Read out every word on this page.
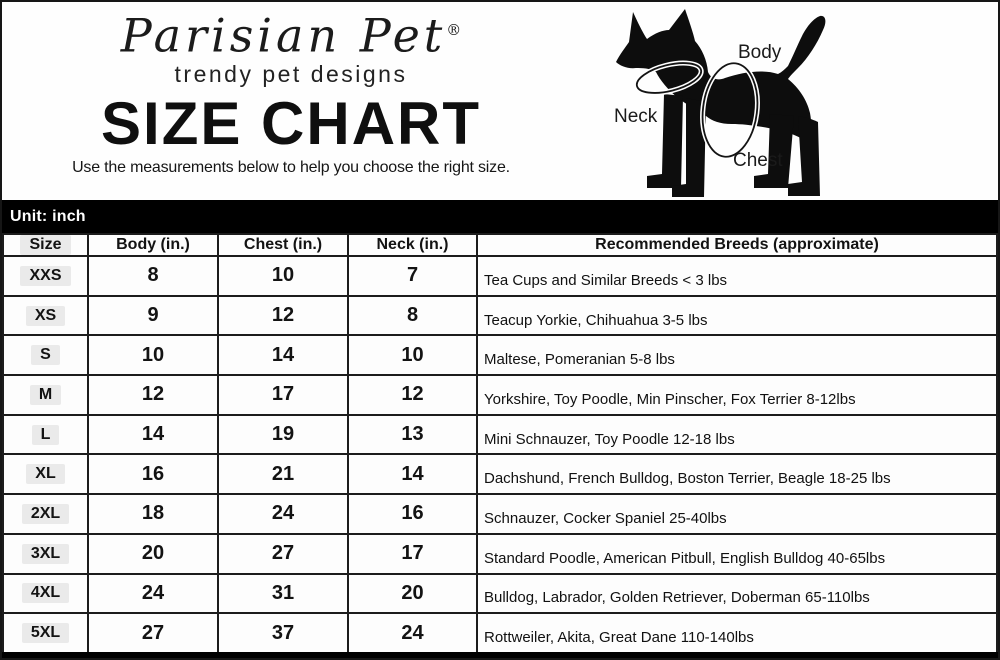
Parisian Pet®
trendy pet designs
SIZE CHART
Use the measurements below to help you choose the right size.
Body
Neck
Chest
Unit: inch
Size	Body (in.)	Chest (in.)	Neck (in.)	Recommended Breeds (approximate)
XXS	8	10	7	Tea Cups and Similar Breeds < 3 lbs
XS	9	12	8	Teacup Yorkie, Chihuahua 3-5 lbs
S	10	14	10	Maltese, Pomeranian 5-8 lbs
M	12	17	12	Yorkshire, Toy Poodle, Min Pinscher, Fox Terrier 8-12lbs
L	14	19	13	Mini Schnauzer, Toy Poodle 12-18 lbs
XL	16	21	14	Dachshund, French Bulldog, Boston Terrier, Beagle 18-25 lbs
2XL	18	24	16	Schnauzer, Cocker Spaniel 25-40lbs
3XL	20	27	17	Standard Poodle, American Pitbull, English Bulldog 40-65lbs
4XL	24	31	20	Bulldog, Labrador, Golden Retriever, Doberman 65-110lbs
5XL	27	37	24	Rottweiler, Akita, Great Dane 110-140lbs
